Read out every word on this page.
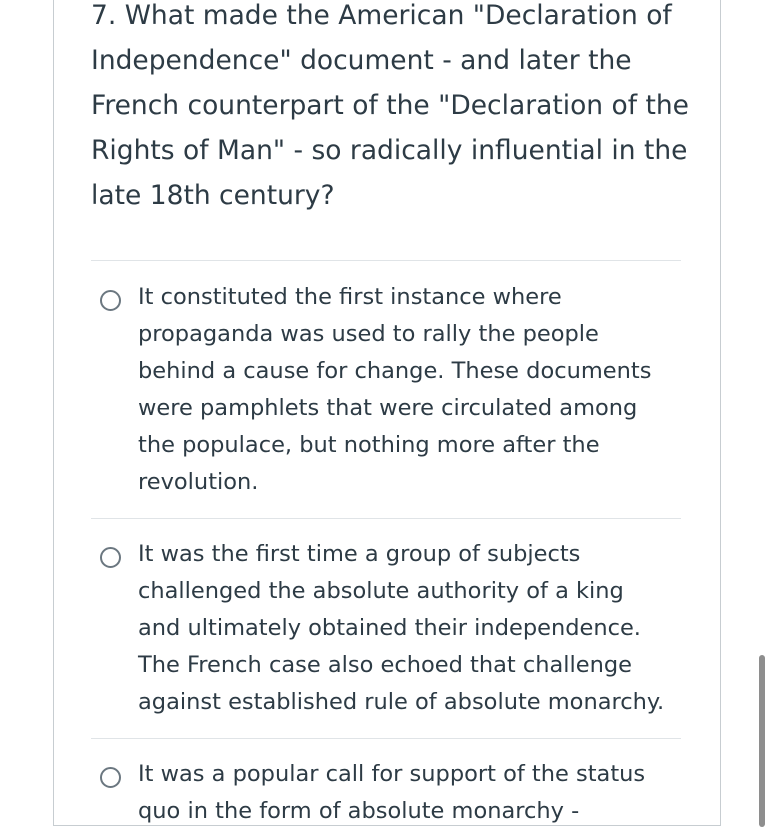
7. What made the American "Declaration of Independence" document - and later the French counterpart of the "Declaration of the Rights of Man" - so radically influential in the late 18th century?

It constituted the first instance where propaganda was used to rally the people behind a cause for change. These documents were pamphlets that were circulated among the populace, but nothing more after the revolution.
It was the first time a group of subjects challenged the absolute authority of a king and ultimately obtained their independence. The French case also echoed that challenge against established rule of absolute monarchy.
It was a popular call for support of the status quo in the form of absolute monarchy -
